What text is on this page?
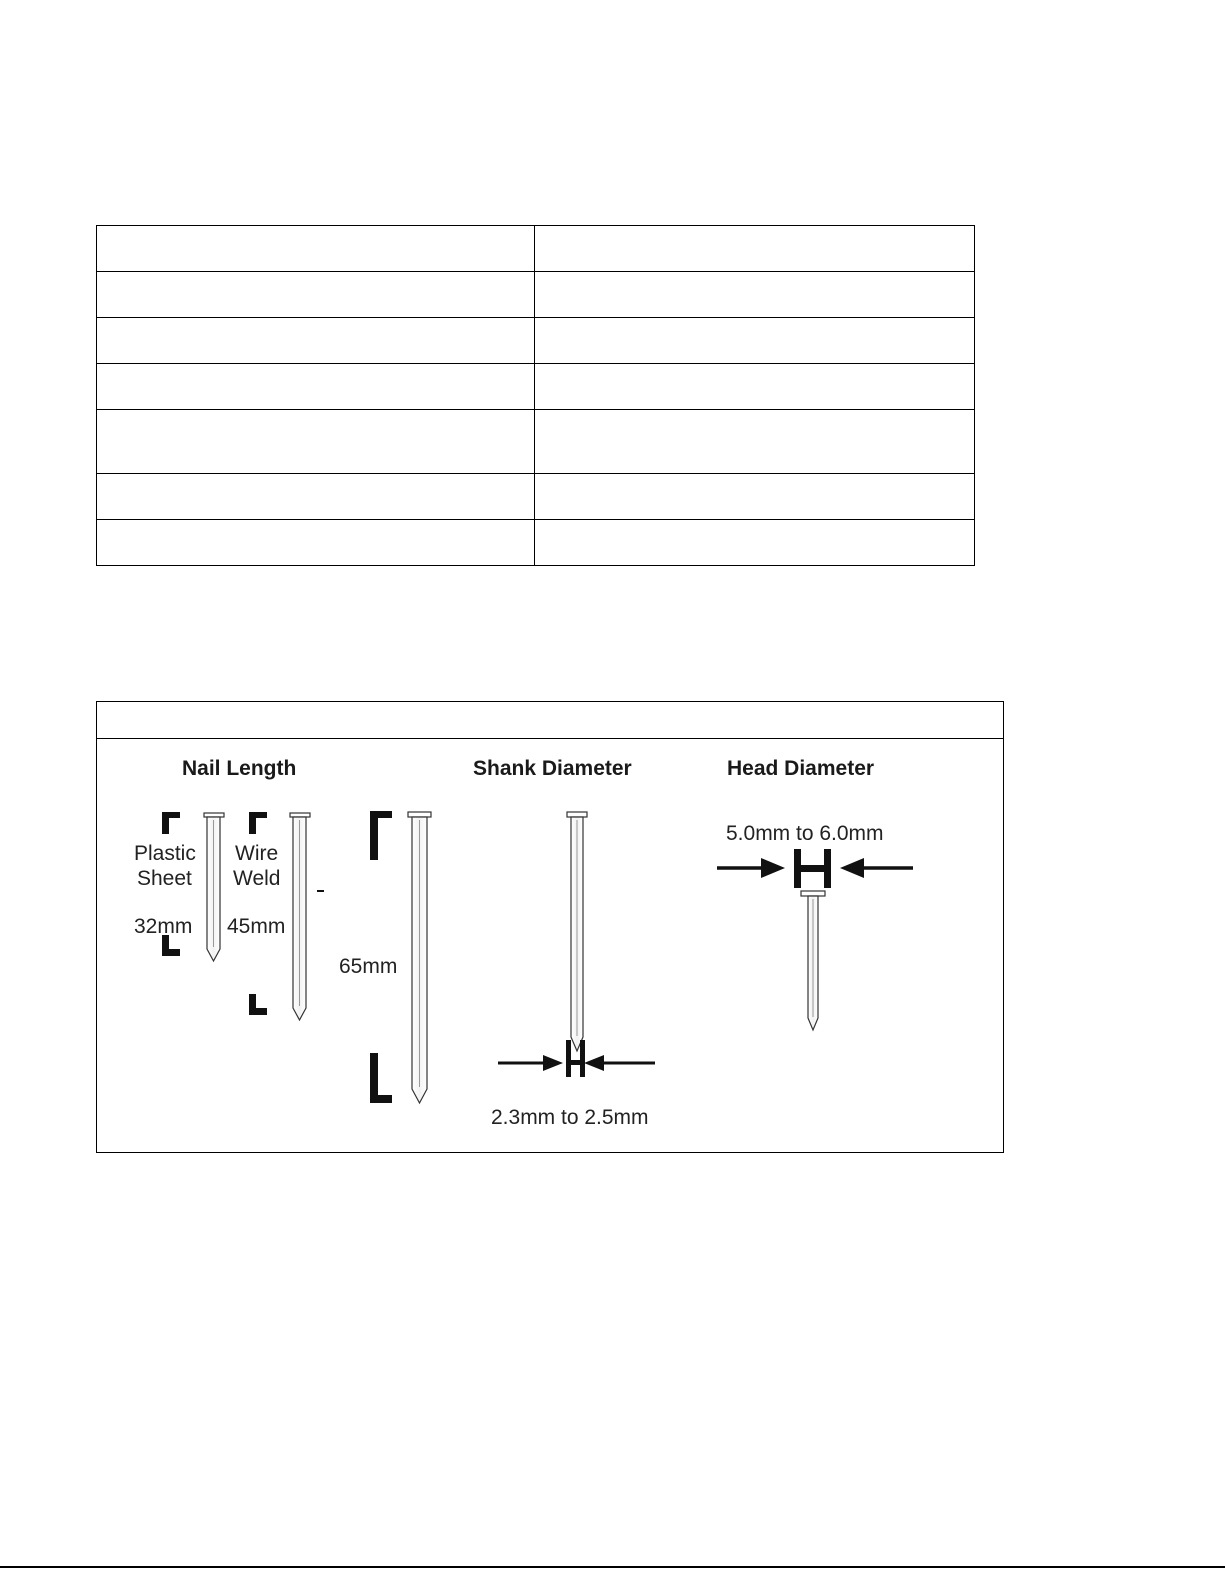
Nail Length
Plastic
Sheet
32mm
Wire
Weld
45mm
65mm
Shank Diameter
2.3mm to 2.5mm
Head Diameter
5.0mm to 6.0mm
